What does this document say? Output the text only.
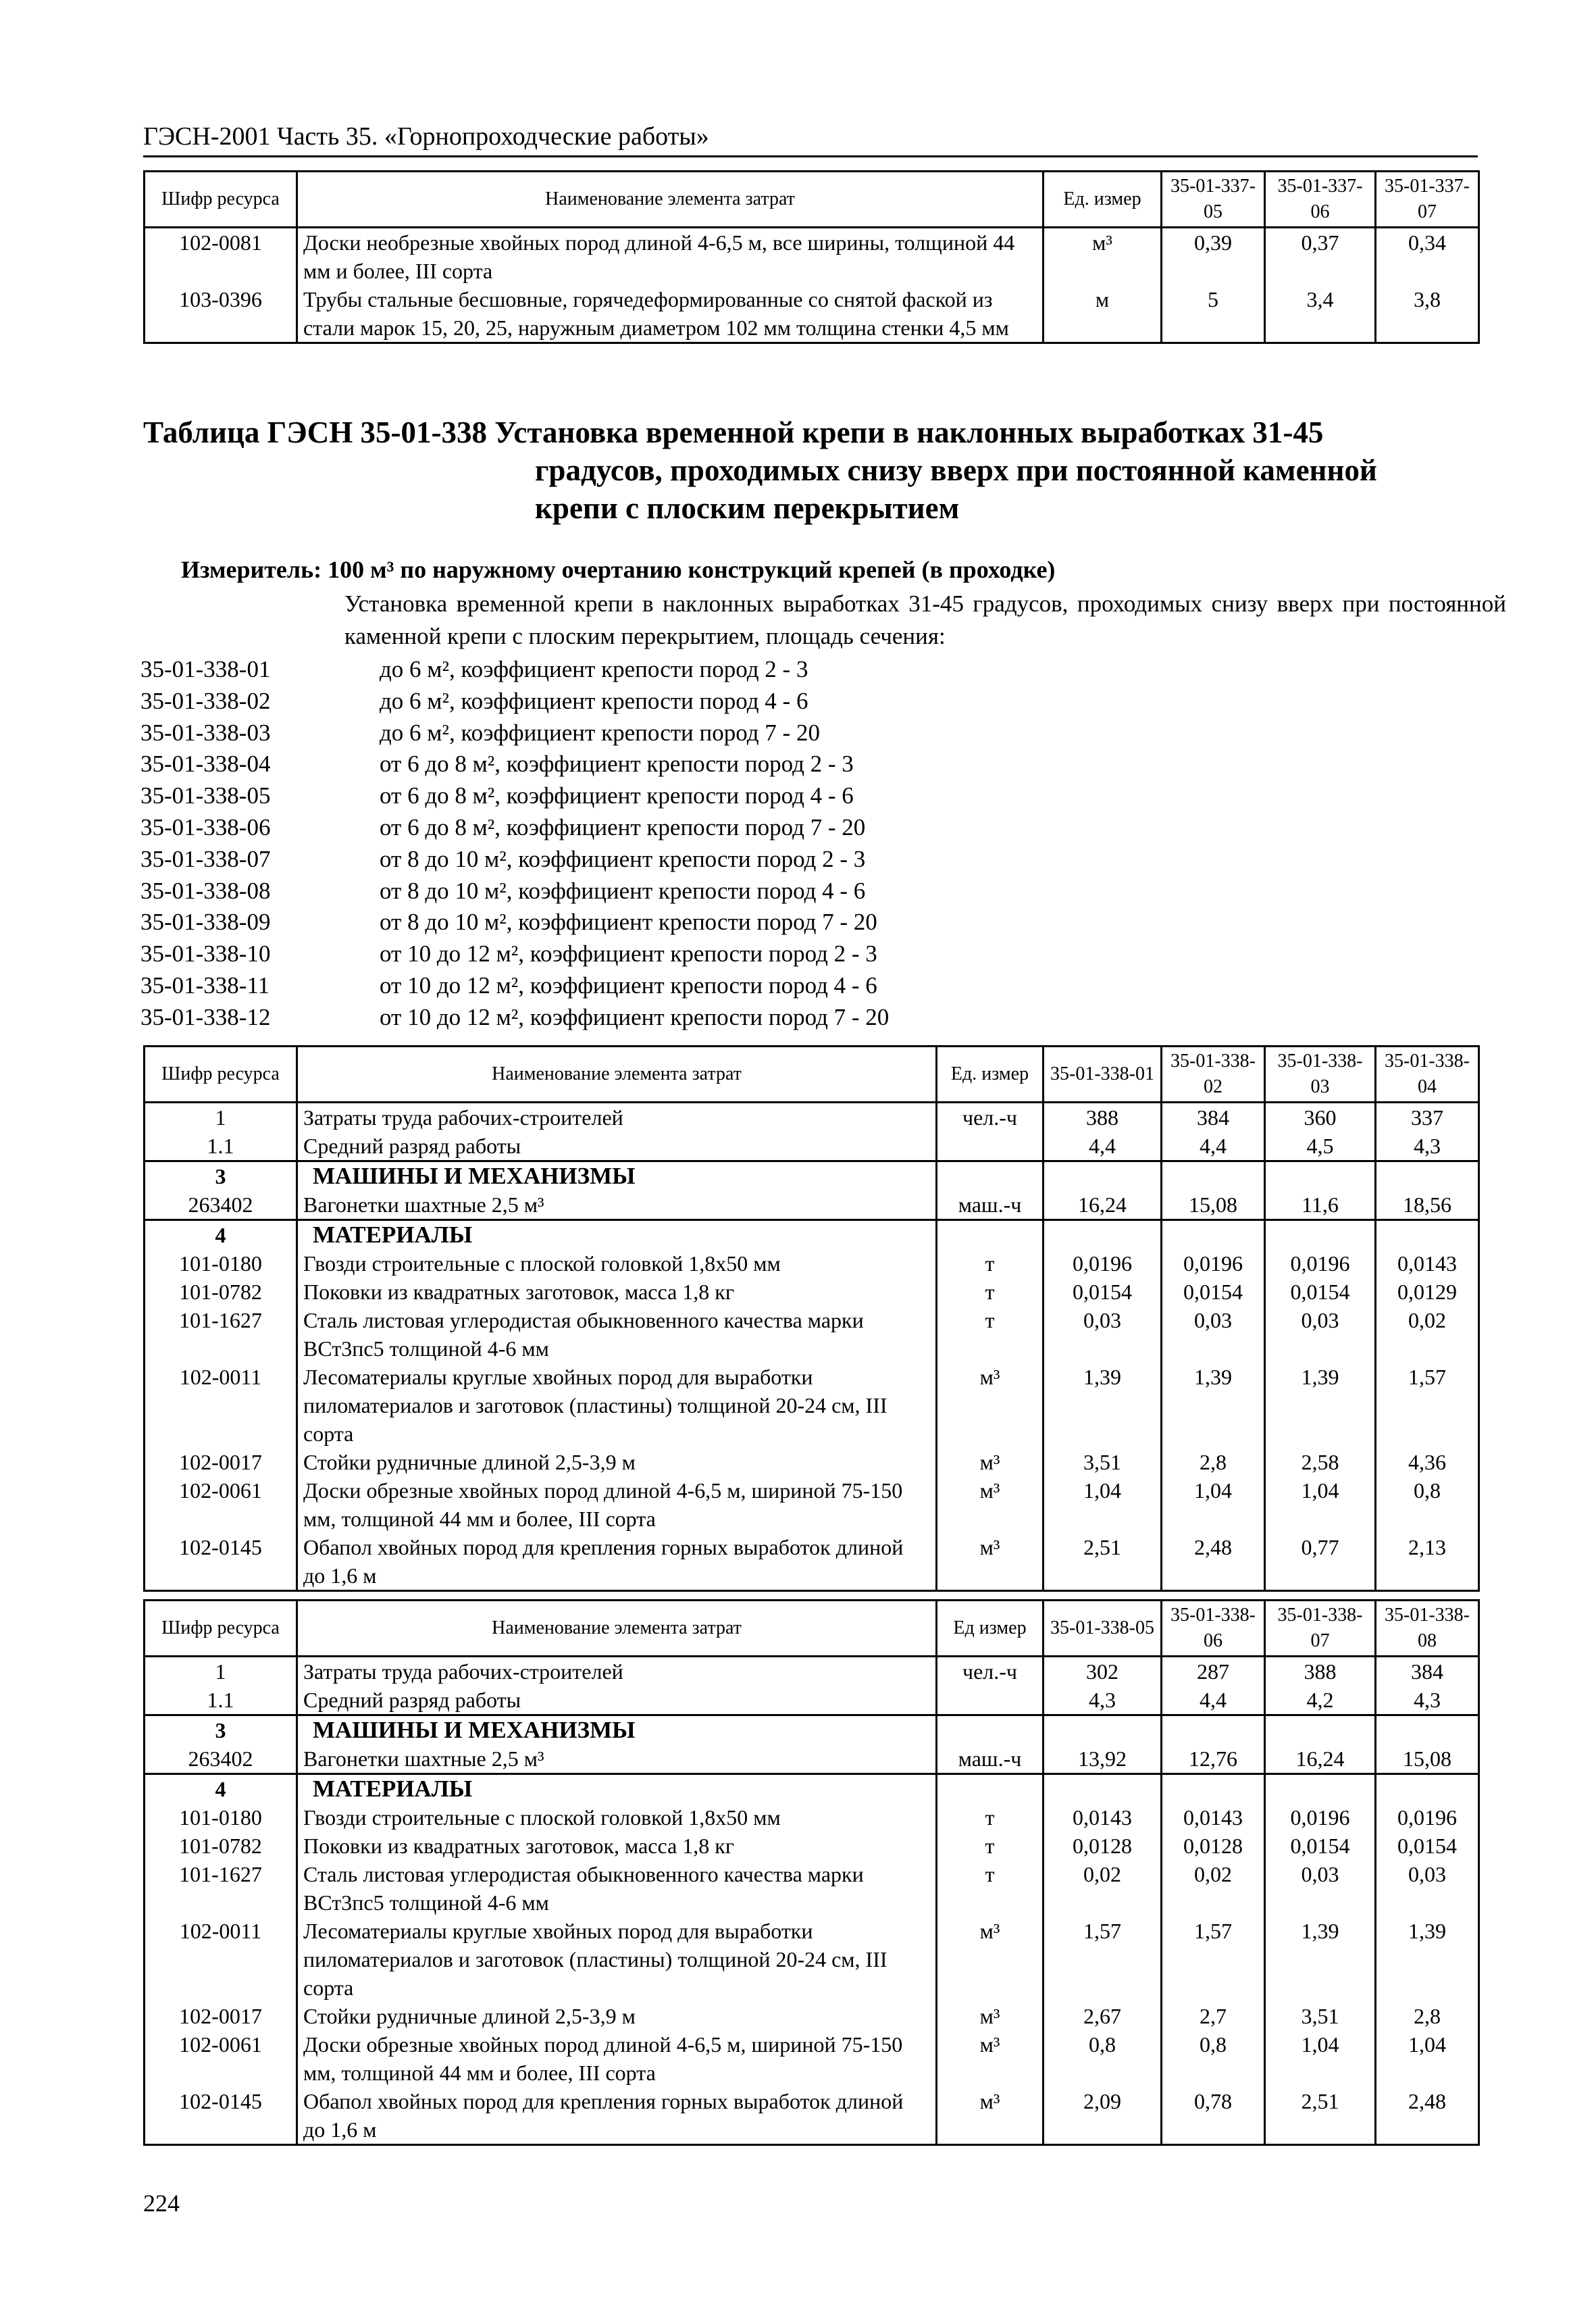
ГЭСН-2001 Часть 35. «Горнопроходческие работы»
Шифр ресурса	Наименование элемента затрат	Ед. измер	35-01-337-05	35-01-337-06	35-01-337-07
102-0081	Доски необрезные хвойных пород длиной 4-6,5 м, все ширины, толщиной 44 мм и более, III сорта	м³	0,39	0,37	0,34
103-0396	Трубы стальные бесшовные, горячедеформированные со снятой фаской из стали марок 15, 20, 25, наружным диаметром 102 мм толщина стенки 4,5 мм	м	5	3,4	3,8
Таблица ГЭСН 35-01-338 Установка временной крепи в наклонных выработках 31-45
градусов, проходимых снизу вверх при постоянной каменной
крепи с плоским перекрытием
Измеритель: 100 м³ по наружному очертанию конструкций крепей (в проходке)
Установка временной крепи в наклонных выработках 31-45 градусов, проходимых снизу вверх при постоянной каменной крепи с плоским перекрытием, площадь сечения:
35-01-338-01	до 6 м², коэффициент крепости пород 2 - 3
35-01-338-02	до 6 м², коэффициент крепости пород 4 - 6
35-01-338-03	до 6 м², коэффициент крепости пород 7 - 20
35-01-338-04	от 6 до 8 м², коэффициент крепости пород 2 - 3
35-01-338-05	от 6 до 8 м², коэффициент крепости пород 4 - 6
35-01-338-06	от 6 до 8 м², коэффициент крепости пород 7 - 20
35-01-338-07	от 8 до 10 м², коэффициент крепости пород 2 - 3
35-01-338-08	от 8 до 10 м², коэффициент крепости пород 4 - 6
35-01-338-09	от 8 до 10 м², коэффициент крепости пород 7 - 20
35-01-338-10	от 10 до 12 м², коэффициент крепости пород 2 - 3
35-01-338-11	от 10 до 12 м², коэффициент крепости пород 4 - 6
35-01-338-12	от 10 до 12 м², коэффициент крепости пород 7 - 20
Шифр ресурса	Наименование элемента затрат	Ед. измер	35-01-338-01	35-01-338-02	35-01-338-03	35-01-338-04
1	Затраты труда рабочих-строителей	чел.-ч	388	384	360	337
1.1	Средний разряд работы		4,4	4,4	4,5	4,3
3	МАШИНЫ И МЕХАНИЗМЫ					
263402	Вагонетки шахтные 2,5 м³	маш.-ч	16,24	15,08	11,6	18,56
4	МАТЕРИАЛЫ					
101-0180	Гвозди строительные с плоской головкой 1,8х50 мм	т	0,0196	0,0196	0,0196	0,0143
101-0782	Поковки из квадратных заготовок, масса 1,8 кг	т	0,0154	0,0154	0,0154	0,0129
101-1627	Сталь листовая углеродистая обыкновенного качества марки ВСт3пс5 толщиной 4-6 мм	т	0,03	0,03	0,03	0,02
102-0011	Лесоматериалы круглые хвойных пород для выработки пиломатериалов и заготовок (пластины) толщиной 20-24 см, III сорта	м³	1,39	1,39	1,39	1,57
102-0017	Стойки рудничные длиной 2,5-3,9 м	м³	3,51	2,8	2,58	4,36
102-0061	Доски обрезные хвойных пород длиной 4-6,5 м, шириной 75-150 мм, толщиной 44 мм и более, III сорта	м³	1,04	1,04	1,04	0,8
102-0145	Обапол хвойных пород для крепления горных выработок длиной до 1,6 м	м³	2,51	2,48	0,77	2,13
Шифр ресурса	Наименование элемента затрат	Ед измер	35-01-338-05	35-01-338-06	35-01-338-07	35-01-338-08
1	Затраты труда рабочих-строителей	чел.-ч	302	287	388	384
1.1	Средний разряд работы		4,3	4,4	4,2	4,3
3	МАШИНЫ И МЕХАНИЗМЫ					
263402	Вагонетки шахтные 2,5 м³	маш.-ч	13,92	12,76	16,24	15,08
4	МАТЕРИАЛЫ					
101-0180	Гвозди строительные с плоской головкой 1,8х50 мм	т	0,0143	0,0143	0,0196	0,0196
101-0782	Поковки из квадратных заготовок, масса 1,8 кг	т	0,0128	0,0128	0,0154	0,0154
101-1627	Сталь листовая углеродистая обыкновенного качества марки ВСт3пс5 толщиной 4-6 мм	т	0,02	0,02	0,03	0,03
102-0011	Лесоматериалы круглые хвойных пород для выработки пиломатериалов и заготовок (пластины) толщиной 20-24 см, III сорта	м³	1,57	1,57	1,39	1,39
102-0017	Стойки рудничные длиной 2,5-3,9 м	м³	2,67	2,7	3,51	2,8
102-0061	Доски обрезные хвойных пород длиной 4-6,5 м, шириной 75-150 мм, толщиной 44 мм и более, III сорта	м³	0,8	0,8	1,04	1,04
102-0145	Обапол хвойных пород для крепления горных выработок длиной до 1,6 м	м³	2,09	0,78	2,51	2,48
224
